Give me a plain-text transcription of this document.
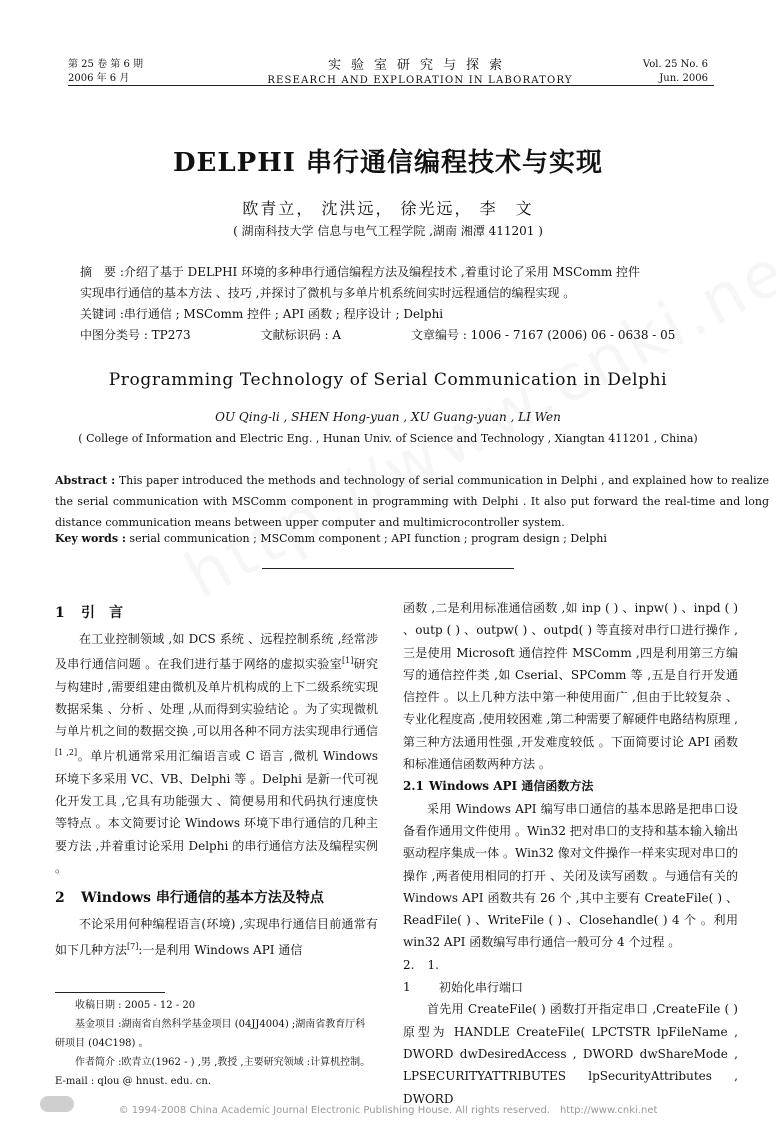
第 25 卷 第 6 期
2006 年 6 月
实验室研究与探索
RESEARCH AND EXPLORATION IN LABORATORY
Vol. 25 No. 6
Jun. 2006
DELPHI 串行通信编程技术与实现
欧青立， 沈洪远， 徐光远， 李　文
( 湖南科技大学 信息与电气工程学院 ,湖南 湘潭 411201 )
摘　要 :介绍了基于 DELPHI 环境的多种串行通信编程方法及编程技术 ,着重讨论了采用 MSComm 控件
实现串行通信的基本方法 、技巧 ,并探讨了微机与多单片机系统间实时远程通信的编程实现 。
关键词 :串行通信 ; MSComm 控件 ; API 函数 ; 程序设计 ; Delphi
中图分类号 : TP273	文献标识码 : A	文章编号 : 1006 - 7167 (2006) 06 - 0638 - 05
Programming Technology of Serial Communication in Delphi
OU Qing-li , SHEN Hong-yuan , XU Guang-yuan , LI Wen
( College of Information and Electric Eng. , Hunan Univ. of Science and Technology , Xiangtan 411201 , China)
Abstract : This paper introduced the methods and technology of serial communication in Delphi , and explained how to realize the serial communication with MSComm component in programming with Delphi . It also put forward the real-time and long distance communication means between upper computer and multimicrocontroller system.
Key words : serial communication ; MSComm component ; API function ; program design ; Delphi
1 引　言

在工业控制领域 ,如 DCS 系统 、远程控制系统 ,经常涉及串行通信问题 。在我们进行基于网络的虚拟实验室[1]研究与构建时 ,需要组建由微机及单片机构成的上下二级系统实现数据采集 、分析 、处理 ,从而得到实验结论 。为了实现微机与单片机之间的数据交换 ,可以用各种不同方法实现串行通信[1 ,2]。单片机通常采用汇编语言或 C 语言 ,微机 Windows 环境下多采用 VC、VB、Delphi 等 。Delphi 是新一代可视化开发工具 ,它具有功能强大 、简便易用和代码执行速度快等特点 。本文简要讨论 Windows 环境下串行通信的几种主要方法 ,并着重讨论采用 Delphi 的串行通信方法及编程实例 。

2 Windows 串行通信的基本方法及特点

不论采用何种编程语言(环境) ,实现串行通信目前通常有如下几种方法[7]:一是利用 Windows API 通信

收稿日期 : 2005 - 12 - 20

基金项目 :湖南省自然科学基金项目 (04JJ4004) ;湖南省教育厅科研项目 (04C198) 。

作者简介 :欧青立(1962 - ) ,男 ,教授 ,主要研究领域 :计算机控制。E-mail : qlou @ hnust. edu. cn.

函数 ,二是利用标准通信函数 ,如 inp ( ) 、inpw( ) 、inpd ( ) 、outp ( ) 、outpw( ) 、outpd( ) 等直接对串行口进行操作 ,三是使用 Microsoft 通信控件 MSComm ,四是利用第三方编写的通信控件类 ,如 Cserial、SPComm 等 ,五是自行开发通信控件 。以上几种方法中第一种使用面广 ,但由于比较复杂 、专业化程度高 ,使用较困难 ,第二种需要了解硬件电路结构原理 ,第三种方法通用性强 ,开发难度较低 。下面简要讨论 API 函数和标准通信函数两种方法 。

2.1 Windows API 通信函数方法

采用 Windows API 编写串口通信的基本思路是把串口设备看作通用文件使用 。Win32 把对串口的支持和基本输入输出驱动程序集成一体 。Win32 像对文件操作一样来实现对串口的操作 ,两者使用相同的打开 、关闭及读写函数 。与通信有关的 Windows API 函数共有 26 个 ,其中主要有 CreateFile( ) 、ReadFile( ) 、WriteFile ( ) 、Closehandle( ) 4 个 。利用 win32 API 函数编写串行通信一般可分 4 个过程 。

2. 1. 1 初始化串行端口

首先用 CreateFile( ) 函数打开指定串口 ,CreateFile ( ) 原型为 HANDLE CreateFile( LPCTSTR lpFileName , DWORD dwDesiredAccess , DWORD dwShareMode , LPSECURITYATTRIBUTES lpSecurityAttributes , DWORD

© 1994-2008 China Academic Journal Electronic Publishing House. All rights reserved.　http://www.cnki.net
